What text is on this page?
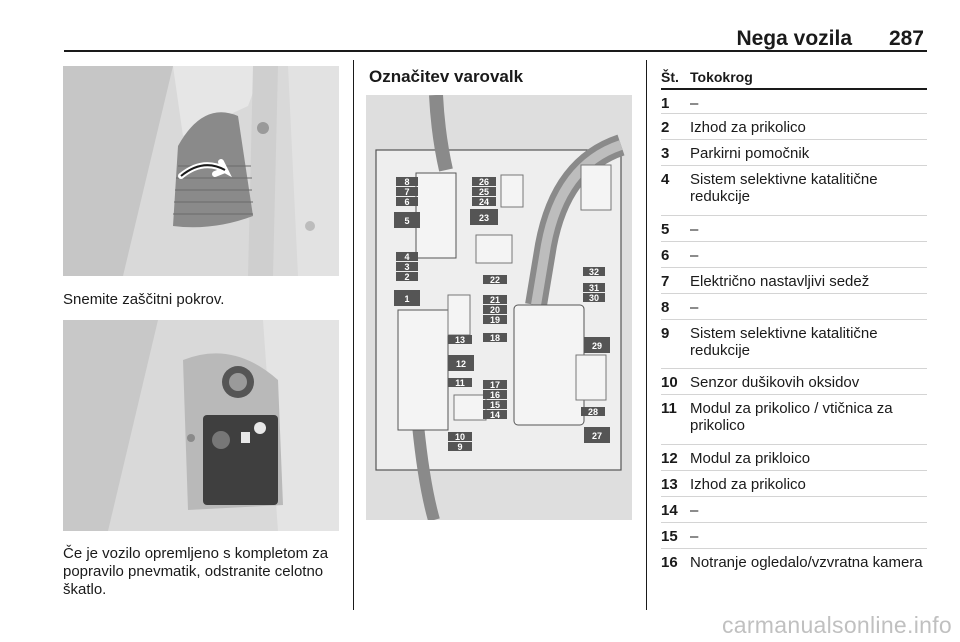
Nega vozila 287
Snemite zaščitni pokrov.
Če je vozilo opremljeno s kompletom za popravilo pnevmatik, odstranite celotno škatlo.
Označitev varovalk
8
7
6
5
4
3
2
1
26
25
24
23
22
21
20
19
18
17
16
15
14
13
12
11
10
9
32
31
30
29
28
27
Št. Tokokrog
1 –
2 Izhod za prikolico
3 Parkirni pomočnik
4 Sistem selektivne katalitične redukcije
5 –
6 –
7 Električno nastavljivi sedež
8 –
9 Sistem selektivne katalitične redukcije
10 Senzor dušikovih oksidov
11 Modul za prikolico / vtičnica za prikolico
12 Modul za prikloico
13 Izhod za prikolico
14 –
15 –
16 Notranje ogledalo/vzvratna kamera
carmanualsonline.info
